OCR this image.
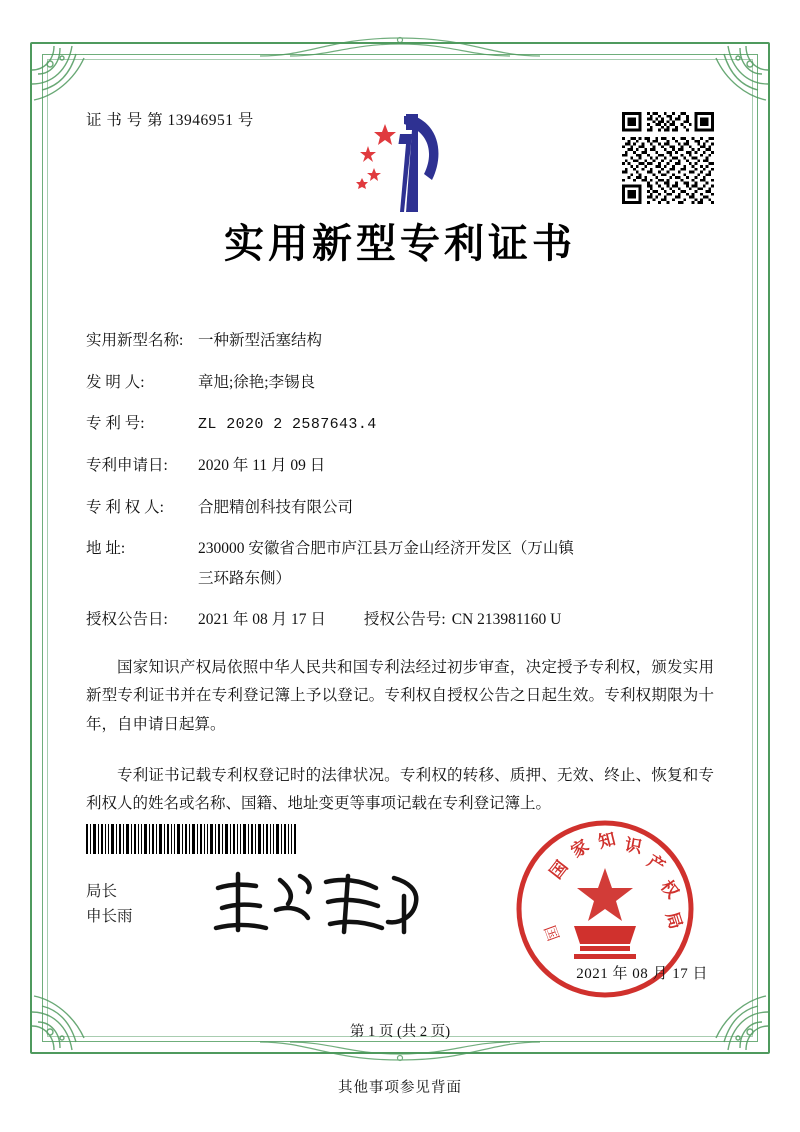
证 书 号 第 13946951 号
实用新型专利证书
实用新型名称: 一种新型活塞结构
发 明 人:	章旭;徐艳;李锡良
专 利 号:	ZL 2020 2 2587643.4
专利申请日:	2020 年 11 月 09 日
专 利 权 人:	合肥精创科技有限公司
地 址:	230000 安徽省合肥市庐江县万金山经济开发区（万山镇
三环路东侧）
授权公告日:	2021 年 08 月 17 日 授权公告号: CN 213981160 U
国家知识产权局依照中华人民共和国专利法经过初步审查，决定授予专利权，颁发实用新型专利证书并在专利登记簿上予以登记。专利权自授权公告之日起生效。专利权期限为十年，自申请日起算。
专利证书记载专利权登记时的法律状况。专利权的转移、质押、无效、终止、恢复和专利权人的姓名或名称、国籍、地址变更等事项记载在专利登记簿上。
局长
申长雨
国
家 知 识
产
权
局
国
2021 年 08 月 17 日
第 1 页 (共 2 页)
其他事项参见背面
